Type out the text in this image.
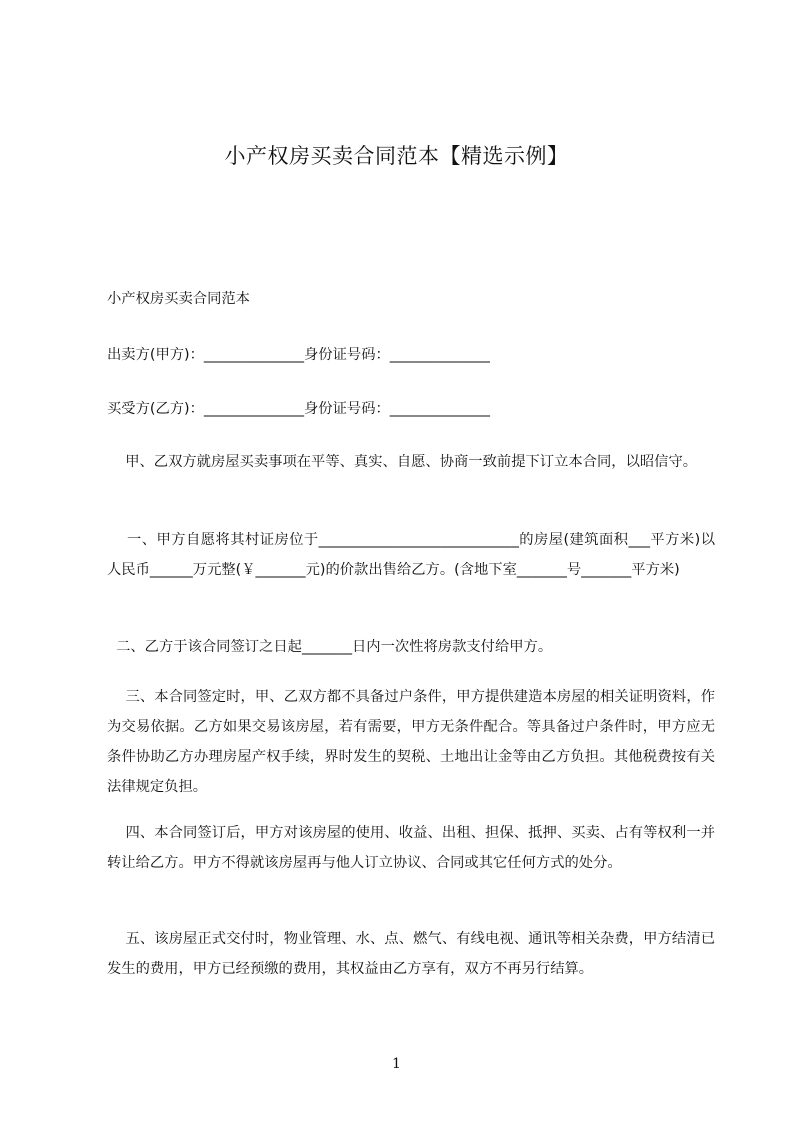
小产权房买卖合同范本【精选示例】
小产权房买卖合同范本
出卖方(甲方)：______________身份证号码：______________
买受方(乙方)：______________身份证号码：______________
甲、乙双方就房屋买卖事项在平等、真实、自愿、协商一致前提下订立本合同，以昭信守。
一、甲方自愿将其村证房位于____________________________的房屋(建筑面积___平方米)以人民币______万元整(￥_______元)的价款出售给乙方。(含地下室_______号_______平方米)
二、乙方于该合同签订之日起_______日内一次性将房款支付给甲方。
三、本合同签定时，甲、乙双方都不具备过户条件，甲方提供建造本房屋的相关证明资料，作为交易依据。乙方如果交易该房屋，若有需要，甲方无条件配合。等具备过户条件时，甲方应无条件协助乙方办理房屋产权手续，界时发生的契税、土地出让金等由乙方负担。其他税费按有关法律规定负担。
四、本合同签订后，甲方对该房屋的使用、收益、出租、担保、抵押、买卖、占有等权利一并转让给乙方。甲方不得就该房屋再与他人订立协议、合同或其它任何方式的处分。
五、该房屋正式交付时，物业管理、水、点、燃气、有线电视、通讯等相关杂费，甲方结清已发生的费用，甲方已经预缴的费用，其权益由乙方享有，双方不再另行结算。
1
